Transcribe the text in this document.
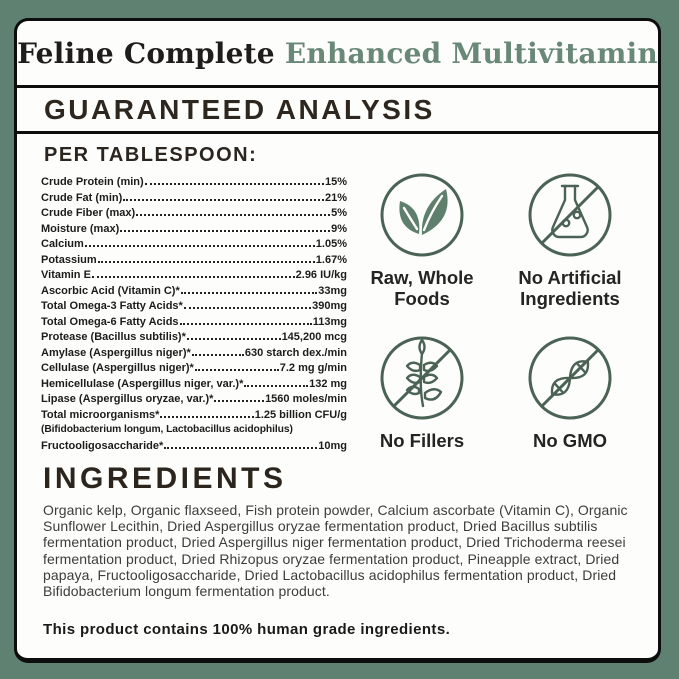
Feline Complete Enhanced Multivitamin
GUARANTEED ANALYSIS
PER TABLESPOON:
Crude Protein (min)	15%
Crude Fat (min)	21%
Crude Fiber (max)	5%
Moisture (max)	9%
Calcium	1.05%
Potassium	1.67%
Vitamin E	2.96 IU/kg
Ascorbic Acid (Vitamin C)*	33mg
Total Omega-3 Fatty Acids*	390mg
Total Omega-6 Fatty Acids	113mg
Protease (Bacillus subtilis)*	145,200 mcg
Amylase (Aspergillus niger)*	630 starch dex./min
Cellulase (Aspergillus niger)*	7.2 mg g/min
Hemicellulase (Aspergillus niger, var.)*	132 mg
Lipase (Aspergillus oryzae, var.)*	1560 moles/min
Total microorganisms*	1.25 billion CFU/g
(Bifidobacterium longum, Lactobacillus acidophilus)
Fructooligosaccharide*	10mg
Raw, Whole
Foods
No Artificial
Ingredients
No Fillers	No GMO
INGREDIENTS
Organic kelp, Organic flaxseed, Fish protein powder, Calcium ascorbate (Vitamin C), Organic Sunflower Lecithin, Dried Aspergillus oryzae fermentation product, Dried Bacillus subtilis fermentation product, Dried Aspergillus niger fermentation product, Dried Trichoderma reesei fermentation product, Dried Rhizopus oryzae fermentation product, Pineapple extract, Dried papaya, Fructooligosaccharide, Dried Lactobacillus acidophilus fermentation product, Dried Bifidobacterium longum fermentation product.
This product contains 100% human grade ingredients.
